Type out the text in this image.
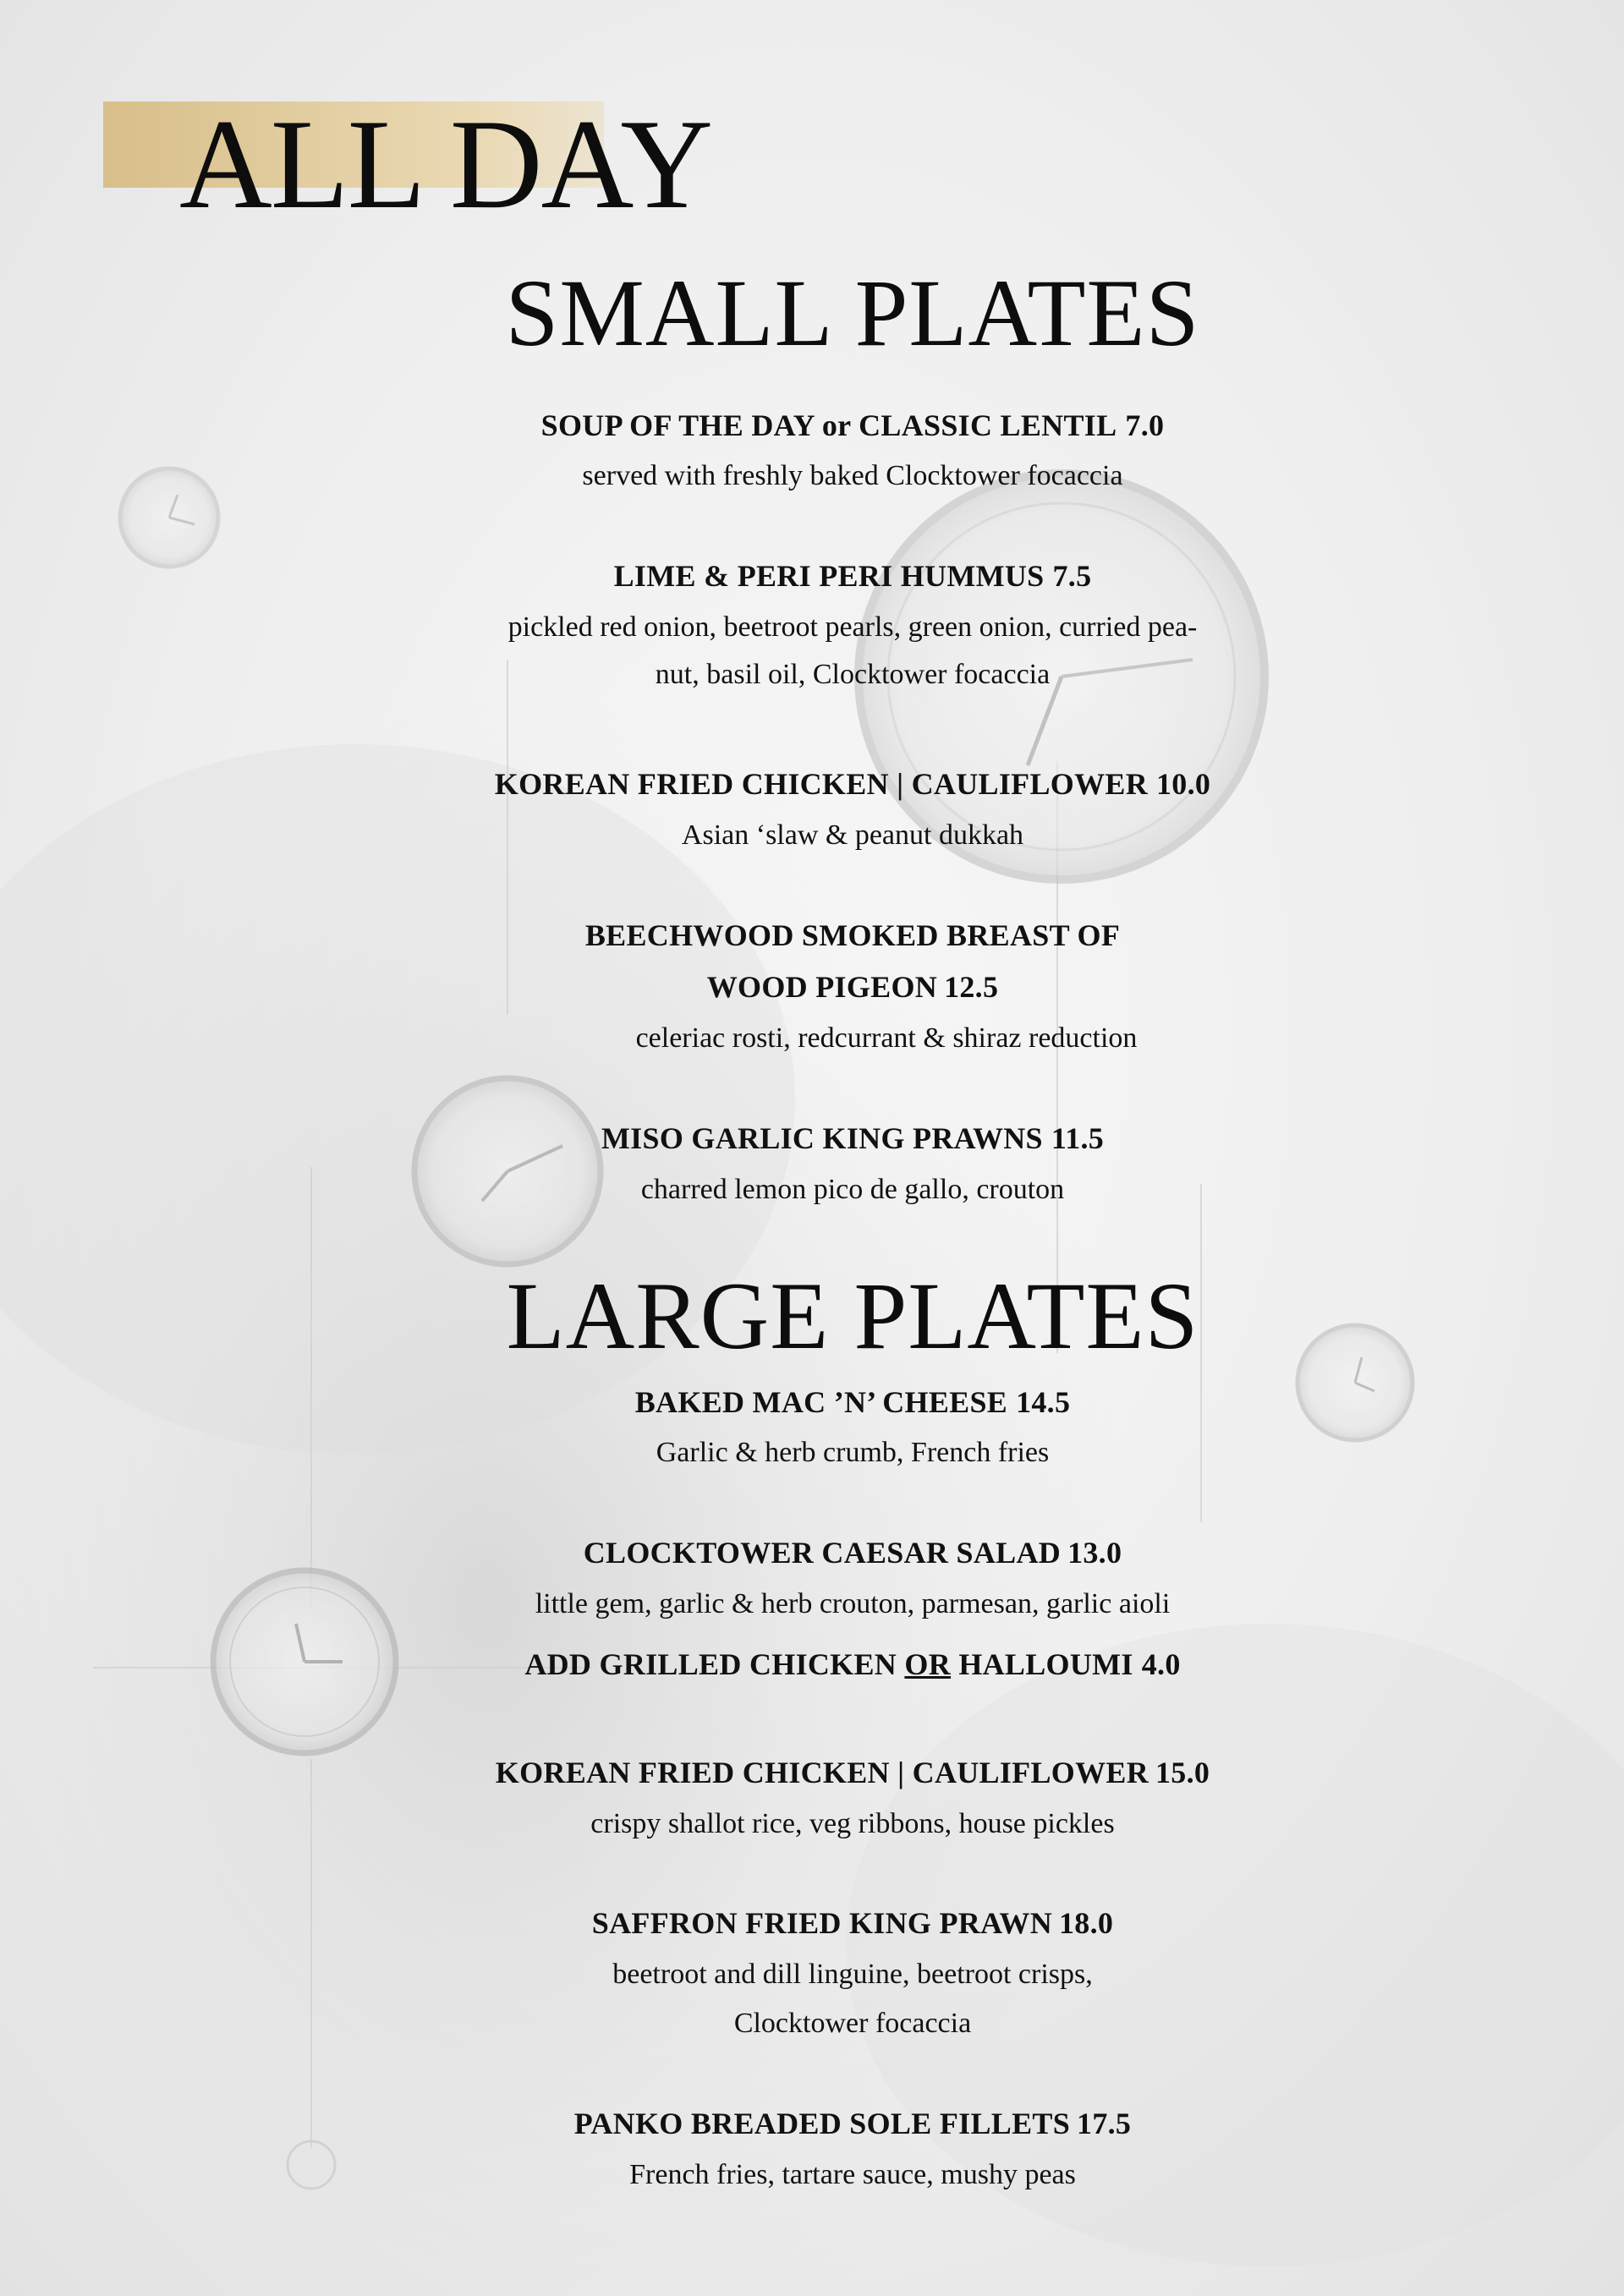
ALL DAY
SMALL PLATES
SOUP OF THE DAY or CLASSIC LENTIL 7.0
served with freshly baked Clocktower focaccia
LIME & PERI PERI HUMMUS 7.5
pickled red onion, beetroot pearls, green onion, curried pea-
nut, basil oil, Clocktower focaccia
KOREAN FRIED CHICKEN | CAULIFLOWER 10.0
Asian ‘slaw & peanut dukkah
BEECHWOOD SMOKED BREAST OF
WOOD PIGEON 12.5
celeriac rosti, redcurrant & shiraz reduction
MISO GARLIC KING PRAWNS 11.5
charred lemon pico de gallo, crouton
LARGE PLATES
BAKED MAC ’N’ CHEESE 14.5
Garlic & herb crumb, French fries
CLOCKTOWER CAESAR SALAD 13.0
little gem, garlic & herb crouton, parmesan, garlic aioli
ADD GRILLED CHICKEN OR HALLOUMI 4.0
KOREAN FRIED CHICKEN | CAULIFLOWER 15.0
crispy shallot rice, veg ribbons, house pickles
SAFFRON FRIED KING PRAWN 18.0
beetroot and dill linguine, beetroot crisps,
Clocktower focaccia
PANKO BREADED SOLE FILLETS 17.5
French fries, tartare sauce, mushy peas
